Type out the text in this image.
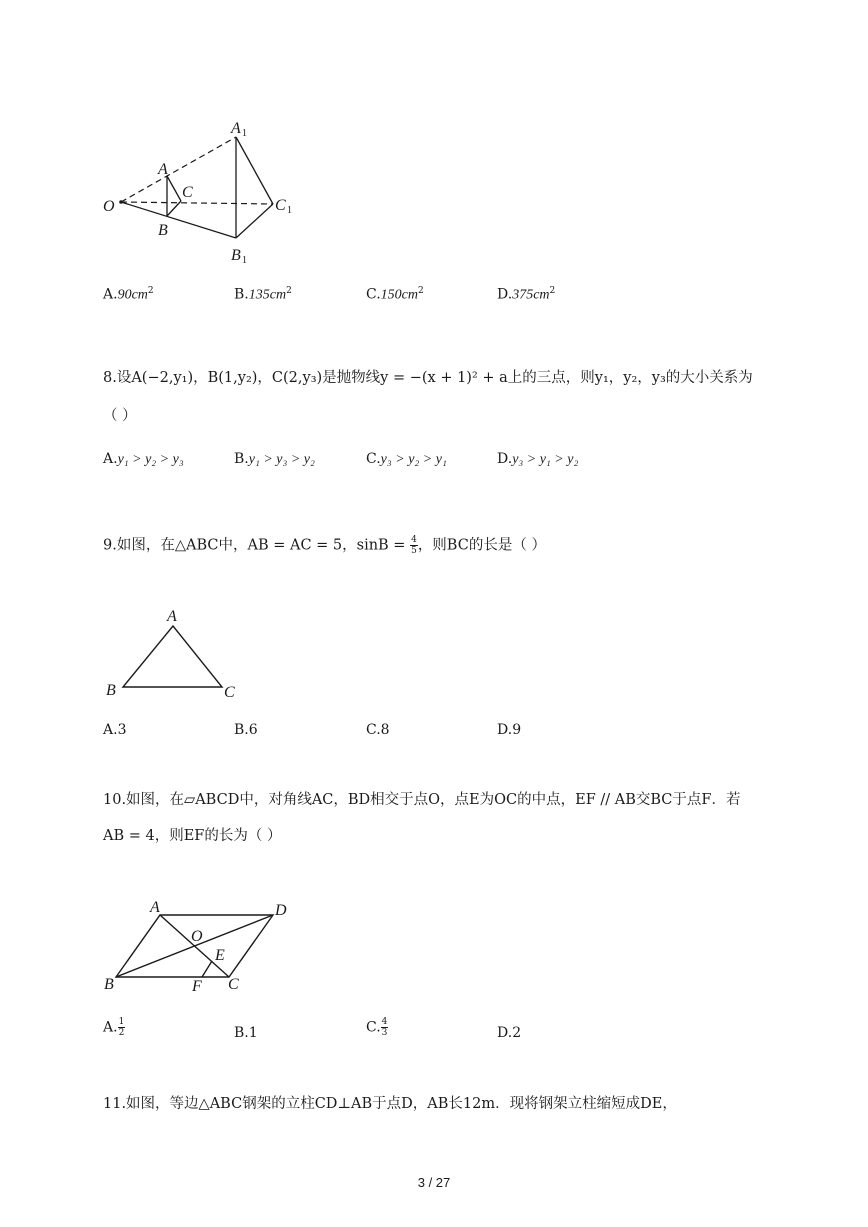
A 1
A
C
O	C 1
B
B 1
$A.90cm^2$	$B.135cm^2$	$C.150cm^2$	$D.375cm^2$
8.设A(−2,y₁)，B(1,y₂)，C(2,y₃)是抛物线y = −(x + 1)² + a上的三点，则y₁，y₂，y₃的大小关系为
（ ）
A.y₁ > y₂ > y₃	B.y₁ > y₃ > y₂	C.y₃ > y₂ > y₁	D.y₃ > y₁ > y₂
9.如图，在△ABC中，AB = AC = 5，$\sin B = \frac{4}{5}$，则BC的长是（ ）
A
B	C
A.3	B.6	C.8	D.9
10.如图，在▱ABCD中，对角线AC，BD相交于点O，点E为OC的中点，EF // AB交BC于点F．若
AB = 4，则EF的长为（ ）
A	D
O
E
B	F C
$A.\frac{1}{2}$	B.1	$C.\frac{4}{3}$	D.2
11.如图，等边△ABC钢架的立柱CD⊥AB于点D，AB长12m．现将钢架立柱缩短成DE，
3 / 27
